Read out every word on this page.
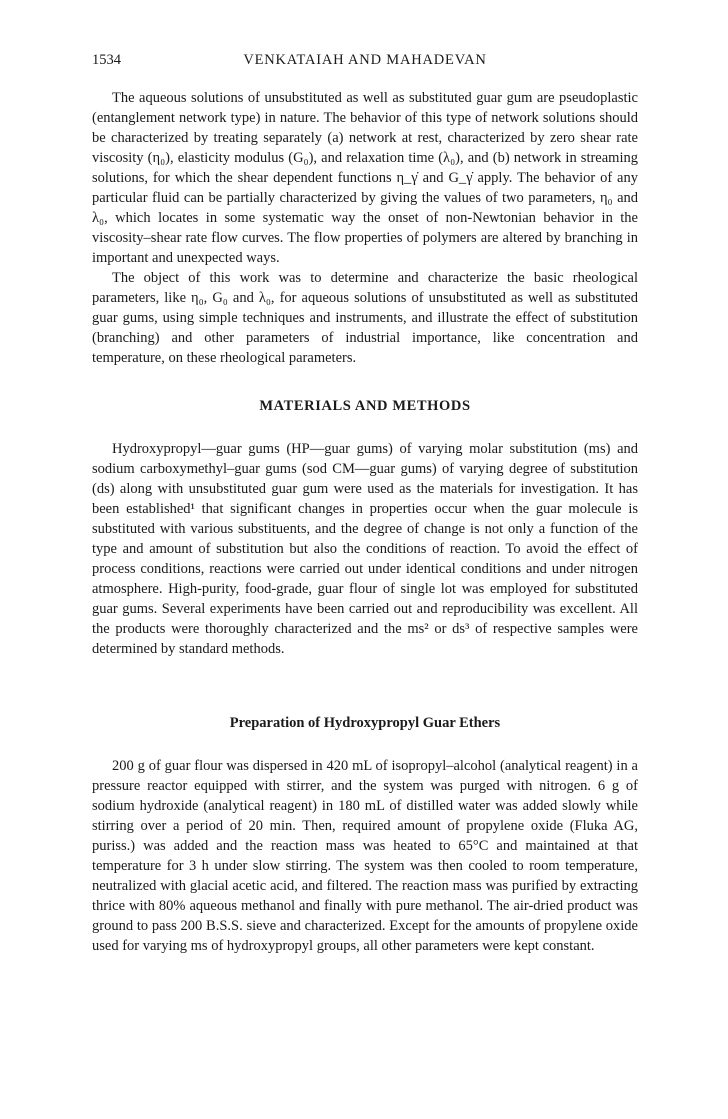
1534	VENKATAIAH AND MAHADEVAN

The aqueous solutions of unsubstituted as well as substituted guar gum are pseudoplastic (entanglement network type) in nature. The behavior of this type of network solutions should be characterized by treating separately (a) network at rest, characterized by zero shear rate viscosity (η₀), elasticity modulus (G₀), and relaxation time (λ₀), and (b) network in streaming solutions, for which the shear dependent functions η_γ̇ and G_γ̇ apply. The behavior of any particular fluid can be partially characterized by giving the values of two parameters, η₀ and λ₀, which locates in some systematic way the onset of non-Newtonian behavior in the viscosity–shear rate flow curves. The flow properties of polymers are altered by branching in important and unexpected ways.

The object of this work was to determine and characterize the basic rheological parameters, like η₀, G₀ and λ₀, for aqueous solutions of unsubstituted as well as substituted guar gums, using simple techniques and instruments, and illustrate the effect of substitution (branching) and other parameters of industrial importance, like concentration and temperature, on these rheological parameters.

MATERIALS AND METHODS

Hydroxypropyl—guar gums (HP—guar gums) of varying molar substitution (ms) and sodium carboxymethyl–guar gums (sod CM—guar gums) of varying degree of substitution (ds) along with unsubstituted guar gum were used as the materials for investigation. It has been established¹ that significant changes in properties occur when the guar molecule is substituted with various substituents, and the degree of change is not only a function of the type and amount of substitution but also the conditions of reaction. To avoid the effect of process conditions, reactions were carried out under identical conditions and under nitrogen atmosphere. High-purity, food-grade, guar flour of single lot was employed for substituted guar gums. Several experiments have been carried out and reproducibility was excellent. All the products were thoroughly characterized and the ms² or ds³ of respective samples were determined by standard methods.

Preparation of Hydroxypropyl Guar Ethers

200 g of guar flour was dispersed in 420 mL of isopropyl–alcohol (analytical reagent) in a pressure reactor equipped with stirrer, and the system was purged with nitrogen. 6 g of sodium hydroxide (analytical reagent) in 180 mL of distilled water was added slowly while stirring over a period of 20 min. Then, required amount of propylene oxide (Fluka AG, puriss.) was added and the reaction mass was heated to 65°C and maintained at that temperature for 3 h under slow stirring. The system was then cooled to room temperature, neutralized with glacial acetic acid, and filtered. The reaction mass was purified by extracting thrice with 80% aqueous methanol and finally with pure methanol. The air-dried product was ground to pass 200 B.S.S. sieve and characterized. Except for the amounts of propylene oxide used for varying ms of hydroxypropyl groups, all other parameters were kept constant.
